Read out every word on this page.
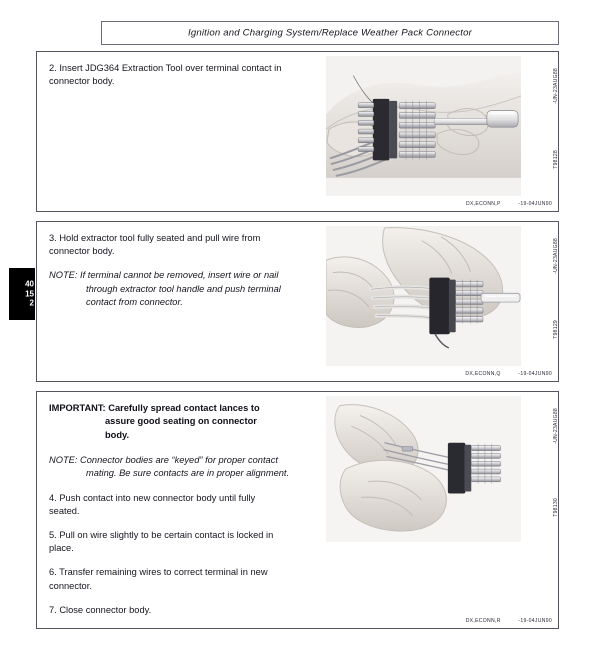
Ignition and Charging System/Replace Weather Pack Connector
40
15
2

2. Insert JDG364 Extraction Tool over terminal contact in
connector body.	-UN-23AUG88
T98128
DX,ECONN,P	-19-04JUN90

3. Hold extractor tool fully seated and pull wire from
connector body.

NOTE: If terminal cannot be removed, insert wire or nail
through extractor tool handle and push terminal
contact from connector.

-UN-23AUG88
T98129
DX,ECONN,Q	-19-04JUN90

IMPORTANT: Carefully spread contact lances to
assure good seating on connector
body.

NOTE: Connector bodies are “keyed” for proper contact
mating. Be sure contacts are in proper alignment.

4. Push contact into new connector body until fully
seated.

5. Pull on wire slightly to be certain contact is locked in
place.

6. Transfer remaining wires to correct terminal in new
connector.

7. Close connector body.

-UN-23AUG88
T98130
DX,ECONN,R	-19-04JUN90
